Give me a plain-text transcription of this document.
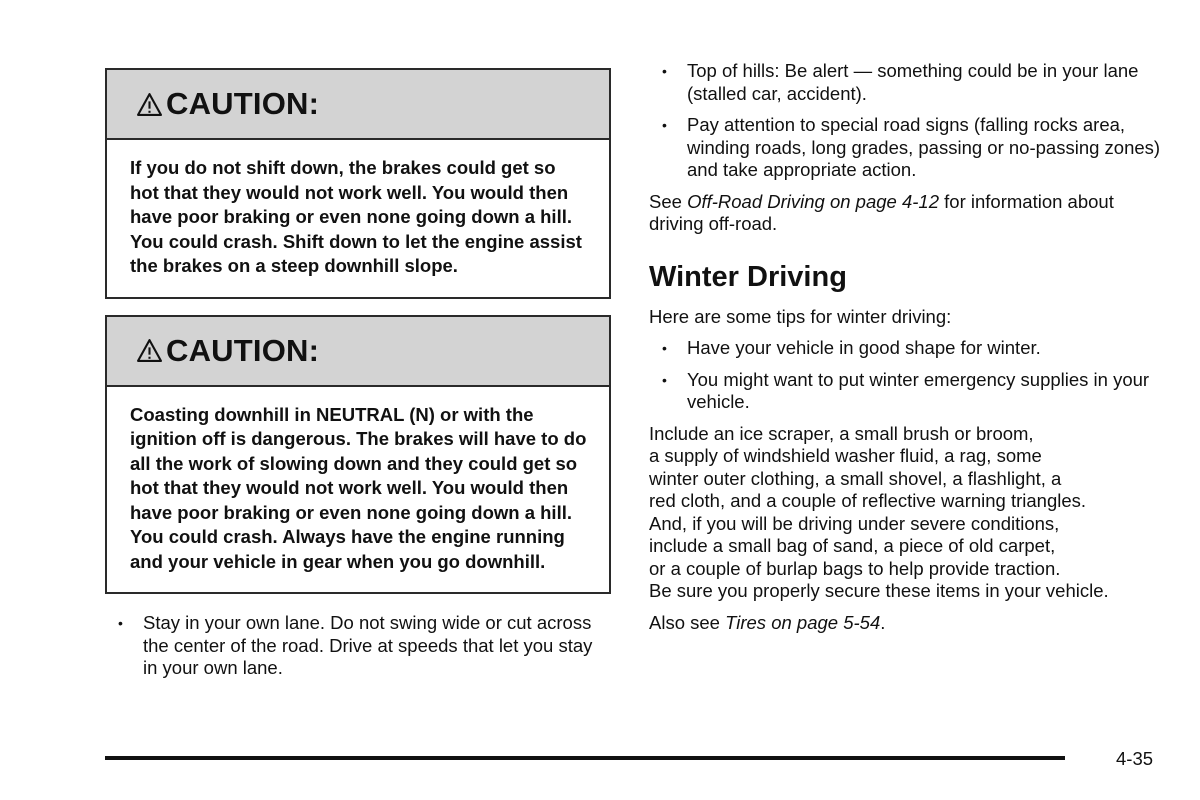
CAUTION:
If you do not shift down, the brakes could get so hot that they would not work well. You would then have poor braking or even none going down a hill. You could crash. Shift down to let the engine assist the brakes on a steep downhill slope.
CAUTION:
Coasting downhill in NEUTRAL (N) or with the ignition off is dangerous. The brakes will have to do all the work of slowing down and they could get so hot that they would not work well. You would then have poor braking or even none going down a hill. You could crash. Always have the engine running and your vehicle in gear when you go downhill.
• Stay in your own lane. Do not swing wide or cut across the center of the road. Drive at speeds that let you stay in your own lane.
• Top of hills: Be alert — something could be in your lane (stalled car, accident).
• Pay attention to special road signs (falling rocks area, winding roads, long grades, passing or no-passing zones) and take appropriate action.

See Off-Road Driving on page 4-12 for information about driving off-road.

Winter Driving

Here are some tips for winter driving:

• Have your vehicle in good shape for winter.
• You might want to put winter emergency supplies in your vehicle.

Include an ice scraper, a small brush or broom,
a supply of windshield washer fluid, a rag, some
winter outer clothing, a small shovel, a flashlight, a
red cloth, and a couple of reflective warning triangles.
And, if you will be driving under severe conditions,
include a small bag of sand, a piece of old carpet,
or a couple of burlap bags to help provide traction.
Be sure you properly secure these items in your vehicle.

Also see Tires on page 5-54.

4-35
